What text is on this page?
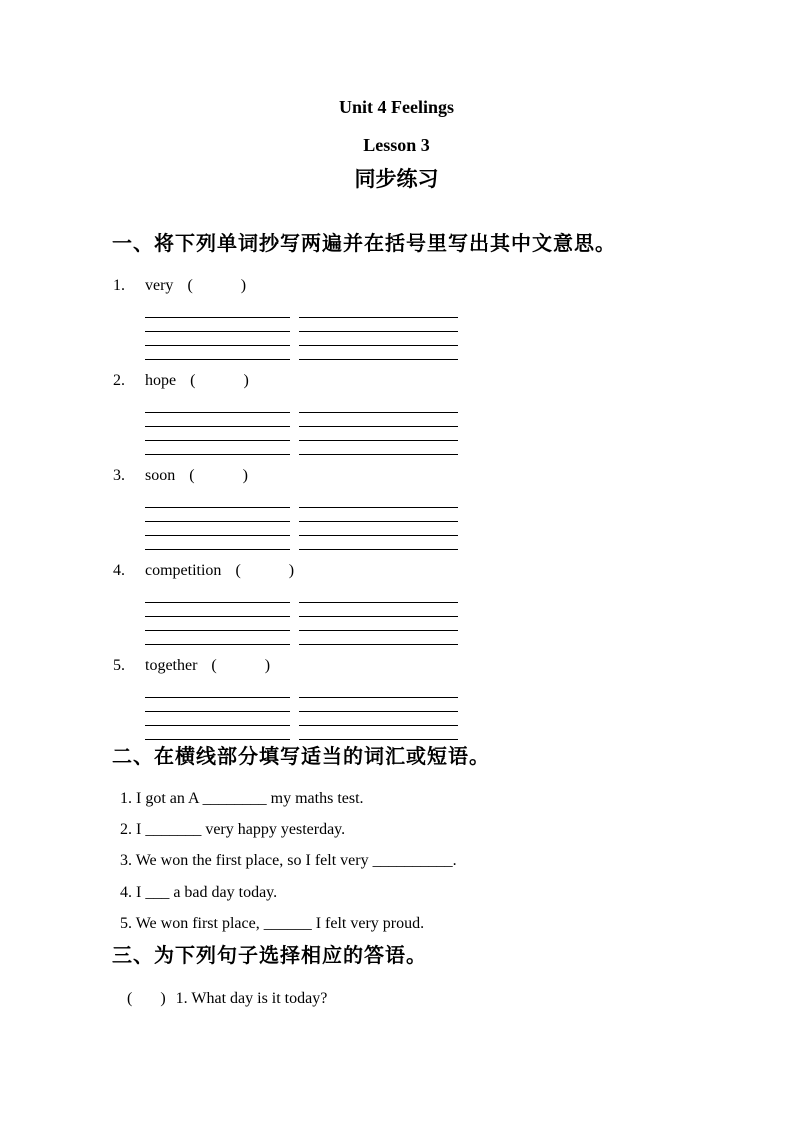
Unit 4 Feelings
Lesson 3
同步练习
一、将下列单词抄写两遍并在括号里写出其中文意思。
1. very (            )
2. hope (            )
3. soon (            )
4. competition (            )
5. together (            )
二、在横线部分填写适当的词汇或短语。
1. I got an A ________ my maths test.
2. I _______ very happy yesterday.
3. We won the first place, so I felt very __________.
4. I ___ a bad day today.
5. We won first place, ______ I felt very proud.
三、为下列句子选择相应的答语。
(       ) 1. What day is it today?
